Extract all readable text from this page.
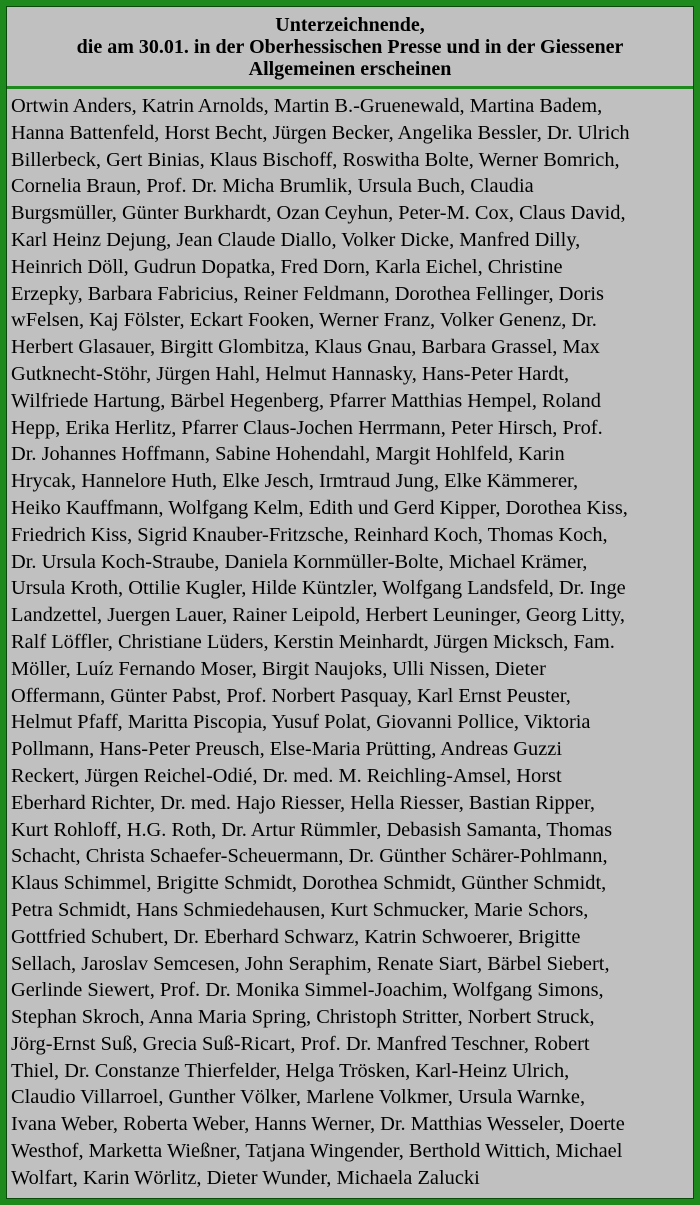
Unterzeichnende,
die am 30.01. in der Oberhessischen Presse und in der Giessener
Allgemeinen erscheinen
Ortwin Anders, Katrin Arnolds, Martin B.-Gruenewald, Martina Badem,
Hanna Battenfeld, Horst Becht, Jürgen Becker, Angelika Bessler, Dr. Ulrich
Billerbeck, Gert Binias, Klaus Bischoff, Roswitha Bolte, Werner Bomrich,
Cornelia Braun, Prof. Dr. Micha Brumlik, Ursula Buch, Claudia
Burgsmüller, Günter Burkhardt, Ozan Ceyhun, Peter-M. Cox, Claus David,
Karl Heinz Dejung, Jean Claude Diallo, Volker Dicke, Manfred Dilly,
Heinrich Döll, Gudrun Dopatka, Fred Dorn, Karla Eichel, Christine
Erzepky, Barbara Fabricius, Reiner Feldmann, Dorothea Fellinger, Doris
wFelsen, Kaj Fölster, Eckart Fooken, Werner Franz, Volker Genenz, Dr.
Herbert Glasauer, Birgitt Glombitza, Klaus Gnau, Barbara Grassel, Max
Gutknecht-Stöhr, Jürgen Hahl, Helmut Hannasky, Hans-Peter Hardt,
Wilfriede Hartung, Bärbel Hegenberg, Pfarrer Matthias Hempel, Roland
Hepp, Erika Herlitz, Pfarrer Claus-Jochen Herrmann, Peter Hirsch, Prof.
Dr. Johannes Hoffmann, Sabine Hohendahl, Margit Hohlfeld, Karin
Hrycak, Hannelore Huth, Elke Jesch, Irmtraud Jung, Elke Kämmerer,
Heiko Kauffmann, Wolfgang Kelm, Edith und Gerd Kipper, Dorothea Kiss,
Friedrich Kiss, Sigrid Knauber-Fritzsche, Reinhard Koch, Thomas Koch,
Dr. Ursula Koch-Straube, Daniela Kornmüller-Bolte, Michael Krämer,
Ursula Kroth, Ottilie Kugler, Hilde Küntzler, Wolfgang Landsfeld, Dr. Inge
Landzettel, Juergen Lauer, Rainer Leipold, Herbert Leuninger, Georg Litty,
Ralf Löffler, Christiane Lüders, Kerstin Meinhardt, Jürgen Micksch, Fam.
Möller, Luíz Fernando Moser, Birgit Naujoks, Ulli Nissen, Dieter
Offermann, Günter Pabst, Prof. Norbert Pasquay, Karl Ernst Peuster,
Helmut Pfaff, Maritta Piscopia, Yusuf Polat, Giovanni Pollice, Viktoria
Pollmann, Hans-Peter Preusch, Else-Maria Prütting, Andreas Guzzi
Reckert, Jürgen Reichel-Odié, Dr. med. M. Reichling-Amsel, Horst
Eberhard Richter, Dr. med. Hajo Riesser, Hella Riesser, Bastian Ripper,
Kurt Rohloff, H.G. Roth, Dr. Artur Rümmler, Debasish Samanta, Thomas
Schacht, Christa Schaefer-Scheuermann, Dr. Günther Schärer-Pohlmann,
Klaus Schimmel, Brigitte Schmidt, Dorothea Schmidt, Günther Schmidt,
Petra Schmidt, Hans Schmiedehausen, Kurt Schmucker, Marie Schors,
Gottfried Schubert, Dr. Eberhard Schwarz, Katrin Schwoerer, Brigitte
Sellach, Jaroslav Semcesen, John Seraphim, Renate Siart, Bärbel Siebert,
Gerlinde Siewert, Prof. Dr. Monika Simmel-Joachim, Wolfgang Simons,
Stephan Skroch, Anna Maria Spring, Christoph Stritter, Norbert Struck,
Jörg-Ernst Suß, Grecia Suß-Ricart, Prof. Dr. Manfred Teschner, Robert
Thiel, Dr. Constanze Thierfelder, Helga Trösken, Karl-Heinz Ulrich,
Claudio Villarroel, Gunther Völker, Marlene Volkmer, Ursula Warnke,
Ivana Weber, Roberta Weber, Hanns Werner, Dr. Matthias Wesseler, Doerte
Westhof, Marketta Wießner, Tatjana Wingender, Berthold Wittich, Michael
Wolfart, Karin Wörlitz, Dieter Wunder, Michaela Zalucki
